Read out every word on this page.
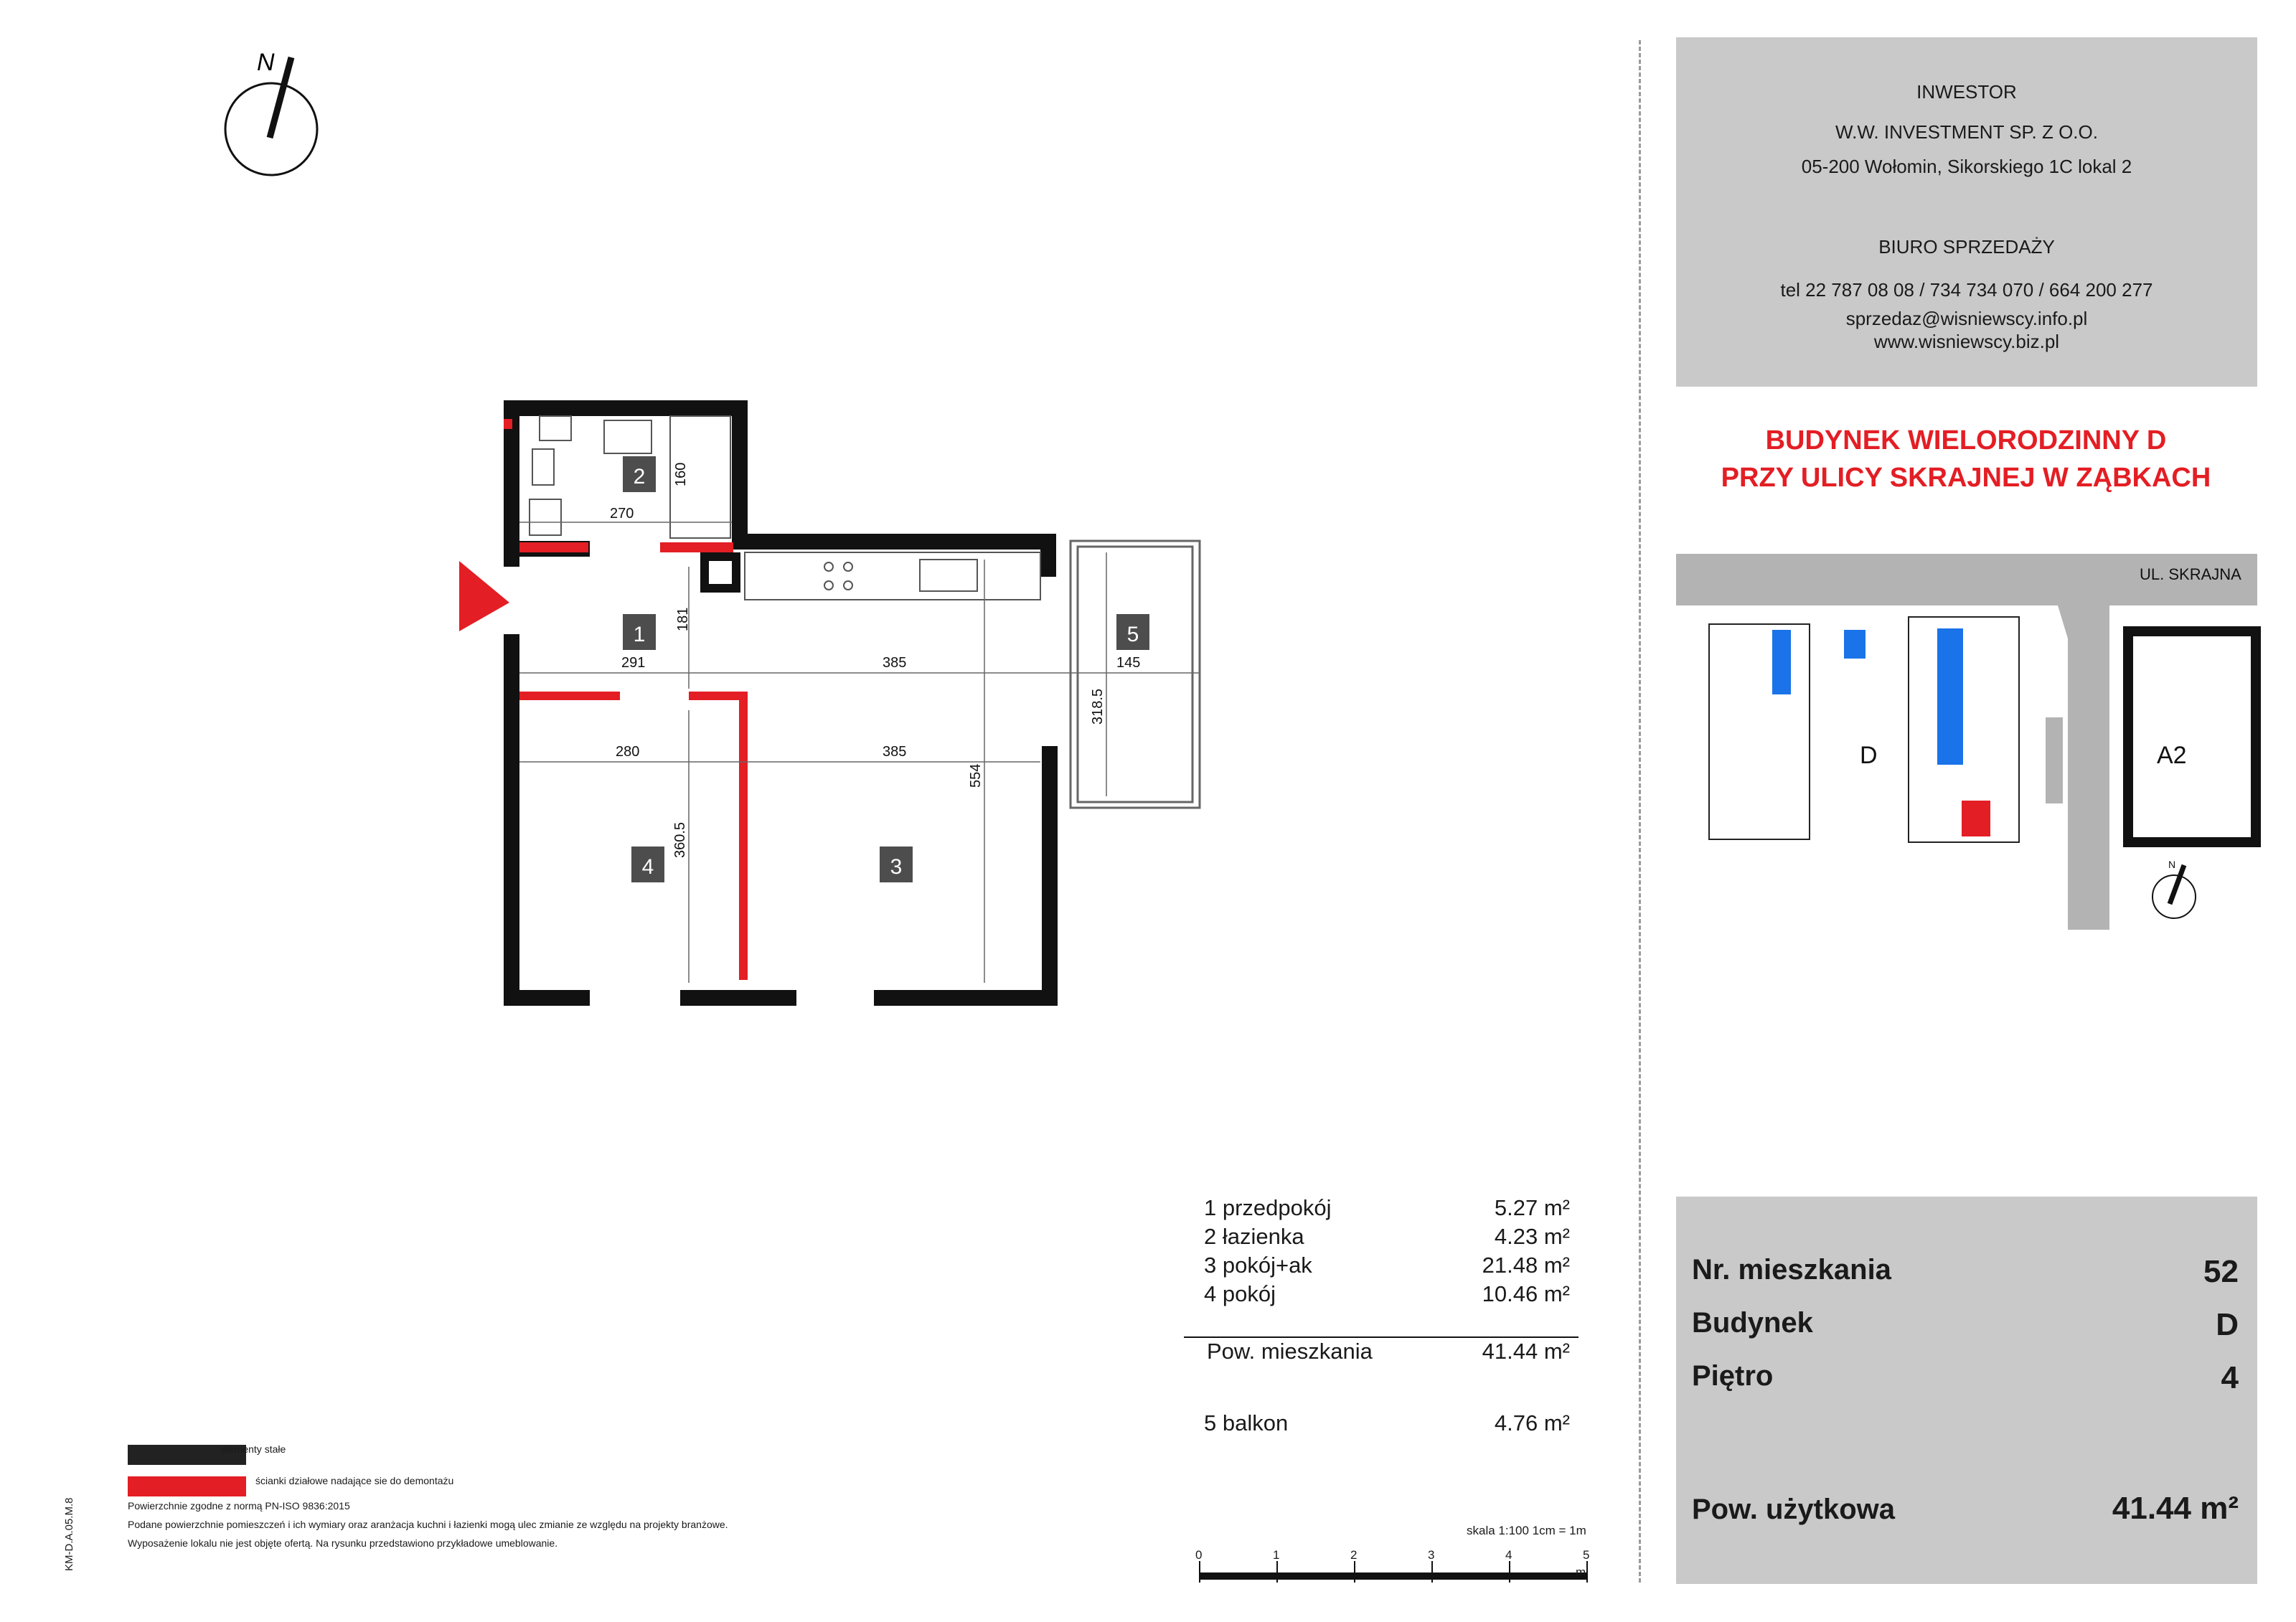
N
270
160
181
291	385	145
280	385
318.5
554
360.5
2
1
3
4
5
UL. SKRAJNA
D	A2
N
INWESTOR
W.W. INVESTMENT SP. Z O.O.
05-200 Wołomin, Sikorskiego 1C lokal 2
BIURO SPRZEDAŻY
tel 22 787 08 08 / 734 734 070 / 664 200 277
sprzedaz@wisniewscy.info.pl
www.wisniewscy.biz.pl
BUDYNEK WIELORODZINNY D
PRZY ULICY SKRAJNEJ W ZĄBKACH
elementy stałe
ścianki działowe nadające sie do demontażu
Powierzchnie zgodne z normą PN-ISO 9836:2015
Podane powierzchnie pomieszczeń i ich wymiary oraz aranżacja kuchni i łazienki mogą ulec zmianie ze względu na projekty branżowe.
Wyposażenie lokalu nie jest objęte ofertą. Na rysunku przedstawiono przykładowe umeblowanie.
KM-D.A.05.M.8
1 przedpokój	5.27 m²
2 łazienka	4.23 m²
3 pokój+ak	21.48 m²
4 pokój	10.46 m²
Pow. mieszkania	41.44 m²
5 balkon	4.76 m²
skala 1:100 1cm = 1m
0	1	2	3	4	5
m
Nr. mieszkania	52
Budynek	D
Piętro	4
Pow. użytkowa	41.44 m²
